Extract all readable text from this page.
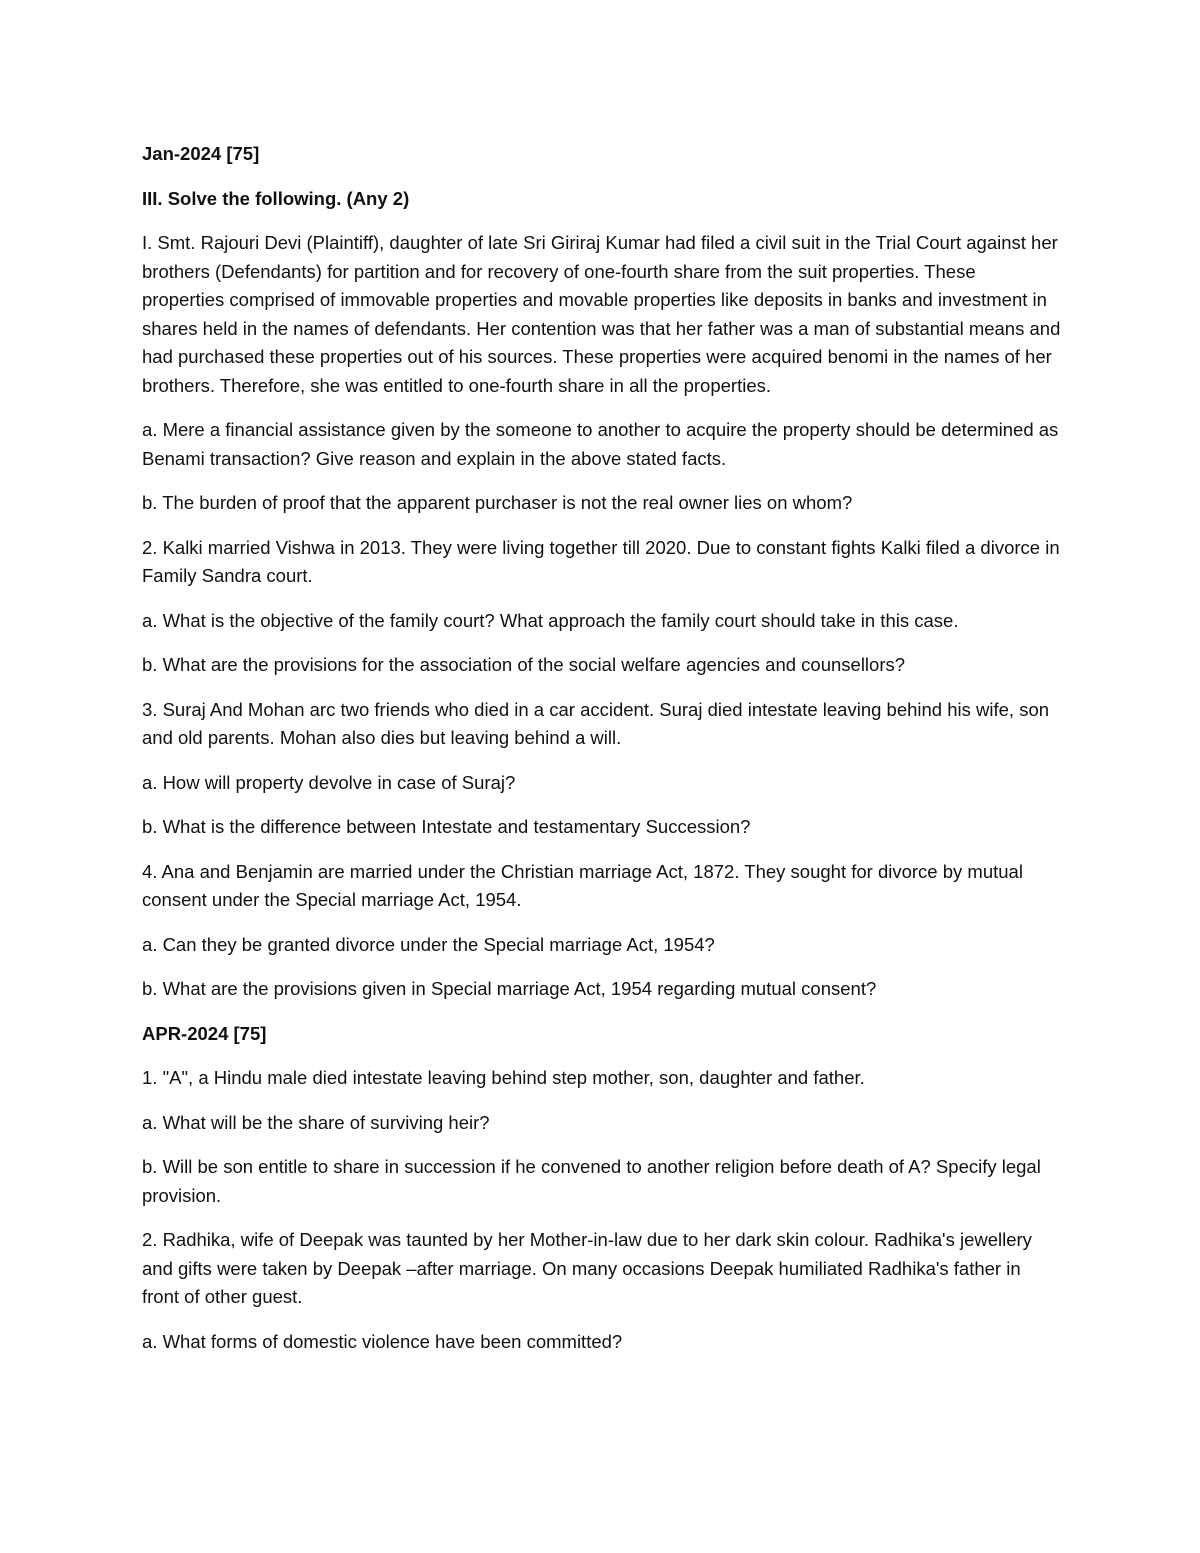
Jan-2024 [75]
III. Solve the following. (Any 2)
I. Smt. Rajouri Devi (Plaintiff), daughter of late Sri Giriraj Kumar had filed a civil suit in the Trial Court against her brothers (Defendants) for partition and for recovery of one-fourth share from the suit properties. These properties comprised of immovable properties and movable properties like deposits in banks and investment in shares held in the names of defendants. Her contention was that her father was a man of substantial means and had purchased these properties out of his sources. These properties were acquired benomi in the names of her brothers. Therefore, she was entitled to one-fourth share in all the properties.
a. Mere a financial assistance given by the someone to another to acquire the property should be determined as Benami transaction? Give reason and explain in the above stated facts.
b. The burden of proof that the apparent purchaser is not the real owner lies on whom?
2. Kalki married Vishwa in 2013. They were living together till 2020. Due to constant fights Kalki filed a divorce in Family Sandra court.
a. What is the objective of the family court? What approach the family court should take in this case.
b. What are the provisions for the association of the social welfare agencies and counsellors?
3. Suraj And Mohan arc two friends who died in a car accident. Suraj died intestate leaving behind his wife, son and old parents. Mohan also dies but leaving behind a will.
a. How will property devolve in case of Suraj?
b. What is the difference between Intestate and testamentary Succession?
4. Ana and Benjamin are married under the Christian marriage Act, 1872. They sought for divorce by mutual consent under the Special marriage Act, 1954.
a. Can they be granted divorce under the Special marriage Act, 1954?
b. What are the provisions given in Special marriage Act, 1954 regarding mutual consent?
APR-2024 [75]
1. "A", a Hindu male died intestate leaving behind step mother, son, daughter and father.
a. What will be the share of surviving heir?
b. Will be son entitle to share in succession if he convened to another religion before death of A? Specify legal provision.
2. Radhika, wife of Deepak was taunted by her Mother-in-law due to her dark skin colour. Radhika's jewellery and gifts were taken by Deepak –after marriage. On many occasions Deepak humiliated Radhika's father in front of other guest.
a. What forms of domestic violence have been committed?
